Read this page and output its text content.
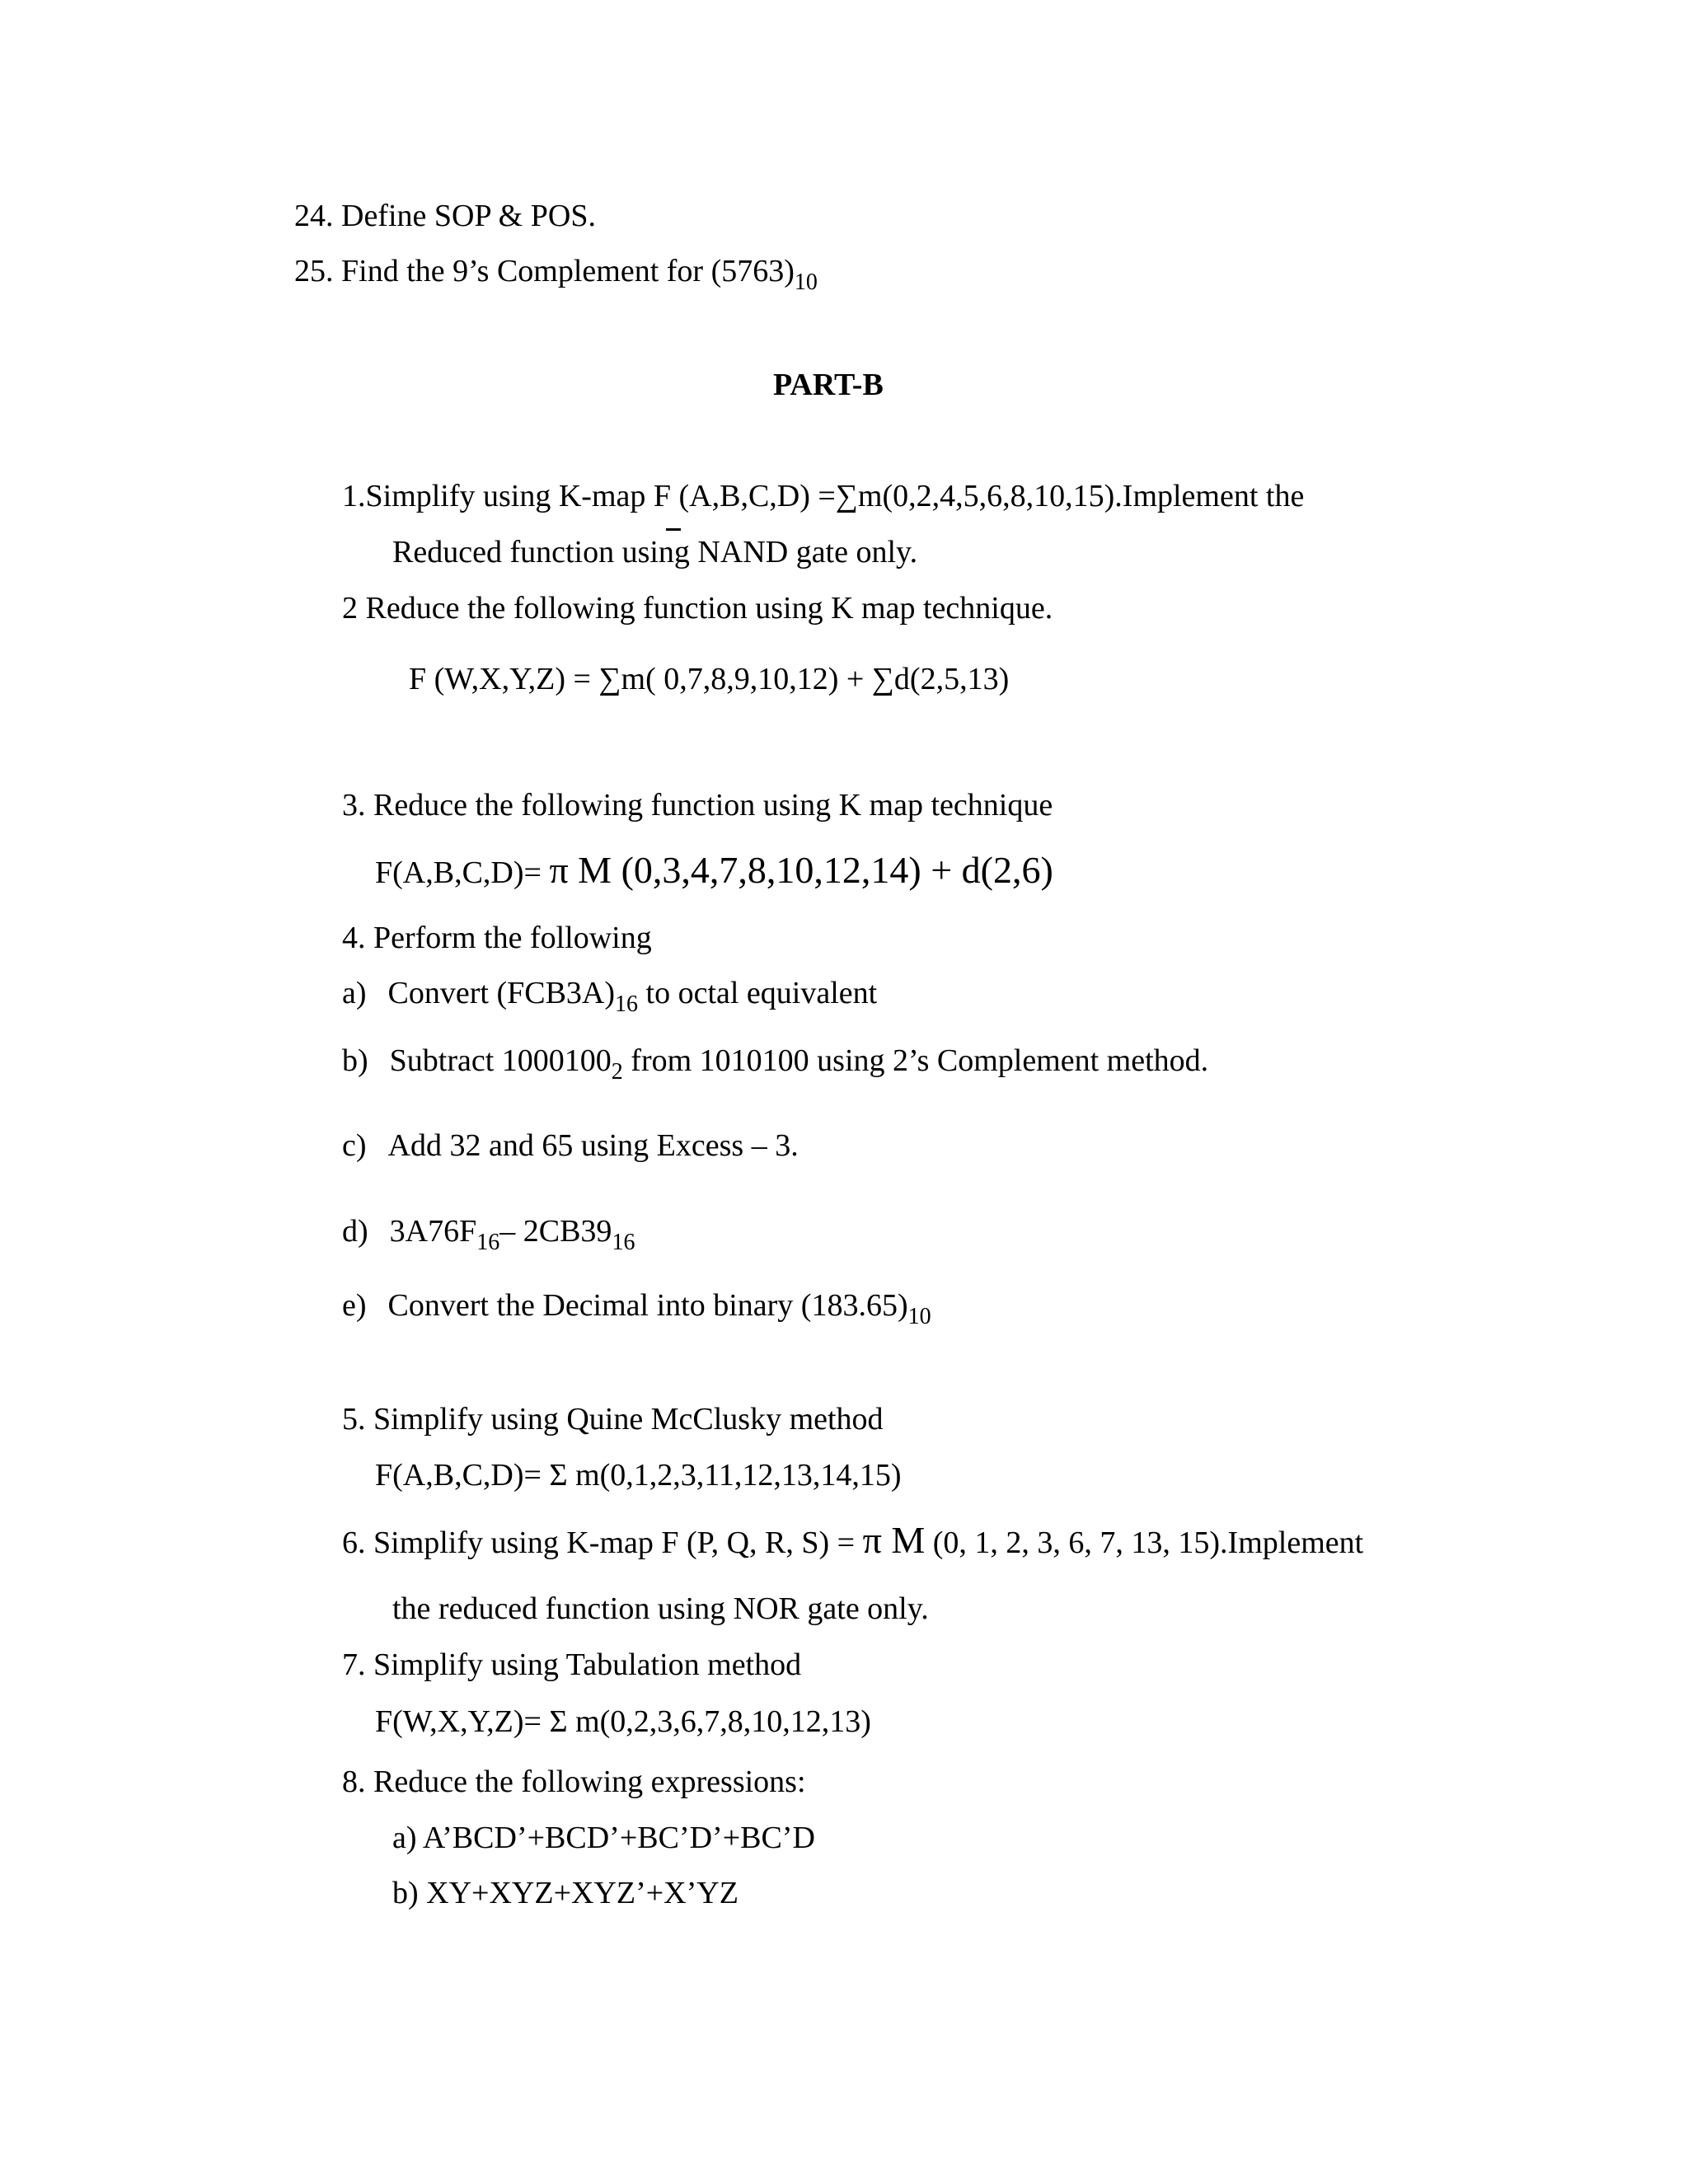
24. Define SOP & POS.
25. Find the 9’s Complement for $(5763)_{10}$
PART-B
1.Simplify using K-map F (A,B,C,D) =∑m(0,2,4,5,6,8,10,15).Implement the
Reduced function using NAND gate only.
2 Reduce the following function using K map technique.
F (W,X,Y,Z) = ∑m( 0,7,8,9,10,12) + ∑d(2,5,13)
3. Reduce the following function using K map technique
F(A,B,C,D)= π M (0,3,4,7,8,10,12,14) + d(2,6)
4. Perform the following
a) Convert $(FCB3A)_{16}$ to octal equivalent
b) Subtract $1000100_2$ from 1010100 using 2’s Complement method.
c) Add 32 and 65 using Excess – 3.
d) $3A76F_{16}-$ $2CB39_{16}$
e) Convert the Decimal into binary $(183.65)_{10}$
5. Simplify using Quine McClusky method
F(A,B,C,D)= Σ m(0,1,2,3,11,12,13,14,15)
6. Simplify using K-map F (P, Q, R, S) = π M (0, 1, 2, 3, 6, 7, 13, 15).Implement
the reduced function using NOR gate only.
7. Simplify using Tabulation method
F(W,X,Y,Z)= Σ m(0,2,3,6,7,8,10,12,13)
8. Reduce the following expressions:
a) A’BCD’+BCD’+BC’D’+BC’D
b) XY+XYZ+XYZ’+X’YZ
